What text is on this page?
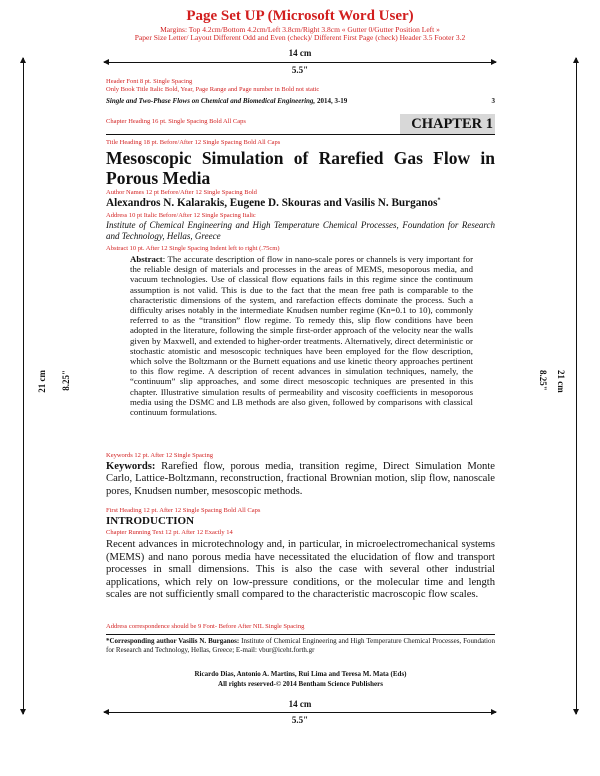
Page Set UP (Microsoft Word User)
Margins: Top 4.2cm/Bottom 4.2cm/Left 3.8cm/Right 3.8cm « Gutter 0/Gutter Position Left »
Paper Size Letter/ Layout Different Odd and Even (check)/ Different First Page (check) Header 3.5 Footer 3.2
14 cm
5.5"
21 cm 8.25"	8.25" 21 cm
Header Font 8 pt. Single Spacing
Only Book Title Italic Bold, Year, Page Range and Page number in Bold not static
Single and Two-Phase Flows on Chemical and Biomedical Engineering, 2014, 3-19	3
Chapter Heading 16 pt. Single Spacing Bold All Caps	CHAPTER 1
Title Heading 18 pt. Before/After 12 Single Spacing Bold All Caps
Mesoscopic Simulation of Rarefied Gas Flow in
Porous Media
Author Names 12 pt Before/After 12 Single Spacing Bold
Alexandros N. Kalarakis, Eugene D. Skouras and Vasilis N. Burganos*
Address 10 pt Italic Before/After 12 Single Spacing Italic
Institute of Chemical Engineering and High Temperature Chemical Processes, Foundation for Research and Technology, Hellas, Greece
Abstract 10 pt. After 12 Single Spacing Indent left to right (.75cm)
Abstract: The accurate description of flow in nano-scale pores or channels is very important for the reliable design of materials and processes in the areas of MEMS, mesoporous media, and vacuum technologies. Use of classical flow equations fails in this regime since the continuum assumption is not valid. This is due to the fact that the mean free path is comparable to the characteristic dimensions of the system, and rarefaction effects dominate the process. Such a difficulty arises notably in the intermediate Knudsen number regime (Kn=0.1 to 10), commonly referred to as the “transition” flow regime. To remedy this, slip flow conditions have been adopted in the literature, following the simple first-order approach of the velocity near the walls given by Maxwell, and extended to higher-order treatments. Alternatively, direct deterministic or stochastic atomistic and mesoscopic techniques have been employed for the flow description, which solve the Boltzmann or the Burnett equations and use kinetic theory approaches pertinent to this flow regime. A description of recent advances in simulation techniques, namely, the “continuum” slip approaches, and some direct mesoscopic techniques are presented in this chapter. Illustrative simulation results of permeability and viscosity coefficients in mesoporous media using the DSMC and LB methods are also given, followed by comparisons with classical continuum formulations.
Keywords 12 pt. After 12 Single Spacing
Keywords: Rarefied flow, porous media, transition regime, Direct Simulation Monte Carlo, Lattice-Boltzmann, reconstruction, fractional Brownian motion, slip flow, nanoscale pores, Knudsen number, mesoscopic methods.
First Heading 12 pt. After 12 Single Spacing Bold All Caps
INTRODUCTION
Chapter Running Text 12 pt. After 12 Exactly 14
Recent advances in microtechnology and, in particular, in microelectromechanical systems (MEMS) and nano porous media have necessitated the elucidation of flow and transport processes in small dimensions. This is also the case with several other industrial applications, which rely on low-pressure conditions, or the molecular time and length scales are not sufficiently small compared to the characteristic macroscopic flow scales.
Address correspondence should be 9 Font- Before After NIL Single Spacing
*Corresponding author Vasilis N. Burganos: Institute of Chemical Engineering and High Temperature Chemical Processes, Foundation for Research and Technology, Hellas, Greece; E-mail: vbur@iceht.forth.gr
Ricardo Dias, Antonio A. Martins, Rui Lima and Teresa M. Mata (Eds)
All rights reserved-© 2014 Bentham Science Publishers
14 cm
5.5"
